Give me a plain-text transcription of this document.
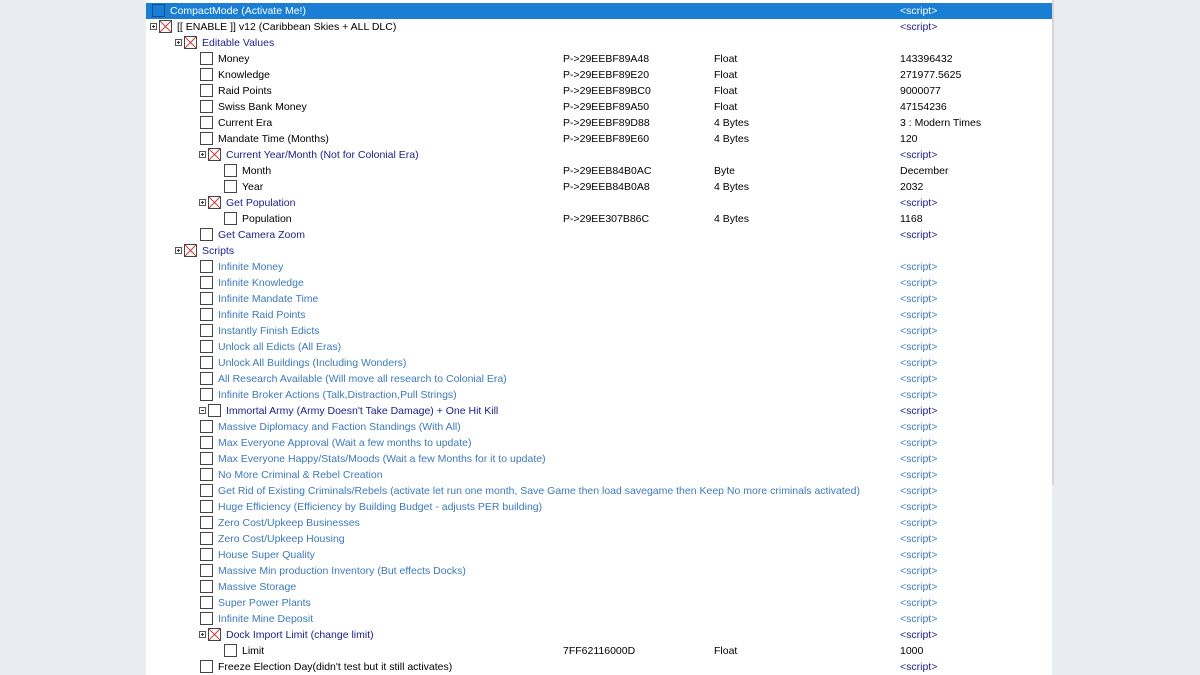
CompactMode (Activate Me!)	<script>
[[ ENABLE ]] v12 (Caribbean Skies + ALL DLC)	<script>
Editable Values
Money	P->29EEBF89A48	Float	143396432
Knowledge	P->29EEBF89E20	Float	271977.5625
Raid Points	P->29EEBF89BC0	Float	9000077
Swiss Bank Money	P->29EEBF89A50	Float	47154236
Current Era	P->29EEBF89D88	4 Bytes	3 : Modern Times
Mandate Time (Months)	P->29EEBF89E60	4 Bytes	120
Current Year/Month (Not for Colonial Era)	<script>
Month	P->29EEB84B0AC	Byte	December
Year	P->29EEB84B0A8	4 Bytes	2032
Get Population	<script>
Population	P->29EE307B86C	4 Bytes	1168
Get Camera Zoom	<script>
Scripts
Infinite Money	<script>
Infinite Knowledge	<script>
Infinite Mandate Time	<script>
Infinite Raid Points	<script>
Instantly Finish Edicts	<script>
Unlock all Edicts (All Eras)	<script>
Unlock All Buildings (Including Wonders)	<script>
All Research Available (Will move all research to Colonial Era)	<script>
Infinite Broker Actions (Talk,Distraction,Pull Strings)	<script>
Immortal Army (Army Doesn't Take Damage) + One Hit Kill	<script>
Massive Diplomacy and Faction Standings (With All)	<script>
Max Everyone Approval (Wait a few months to update)	<script>
Max Everyone Happy/Stats/Moods (Wait a few Months for it to update)	<script>
No More Criminal & Rebel Creation	<script>
Get Rid of Existing Criminals/Rebels (activate let run one month, Save Game then load savegame then Keep No more criminals activated)	<script>
Huge Efficiency (Efficiency by Building Budget - adjusts PER building)	<script>
Zero Cost/Upkeep Businesses	<script>
Zero Cost/Upkeep Housing	<script>
House Super Quality	<script>
Massive Min production Inventory (But effects Docks)	<script>
Massive Storage	<script>
Super Power Plants	<script>
Infinite Mine Deposit	<script>
Dock Import Limit (change limit)	<script>
Limit	7FF62116000D	Float	1000
Freeze Election Day(didn't test but it still activates)	<script>
